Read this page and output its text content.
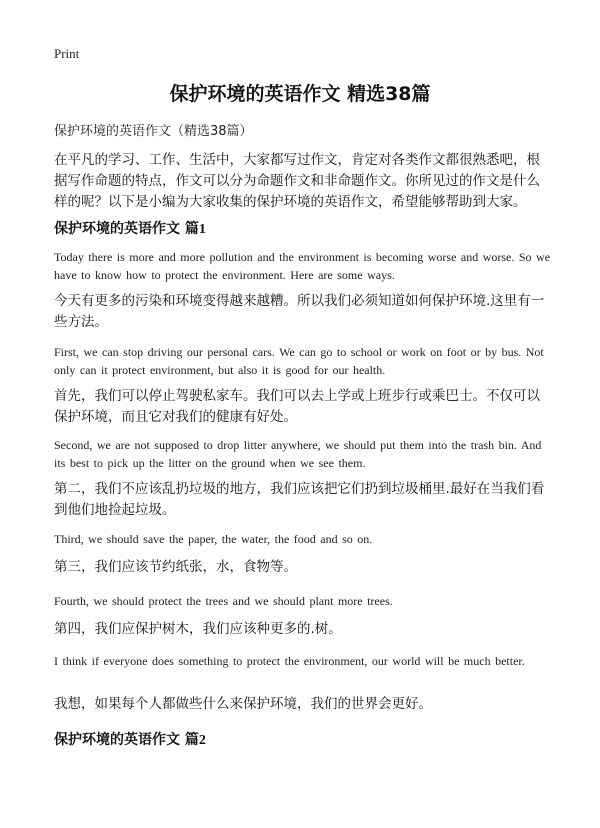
Print
保护环境的英语作文 精选38篇
保护环境的英语作文（精选38篇）
在平凡的学习、工作、生活中，大家都写过作文，肯定对各类作文都很熟悉吧，根据写作命题的特点，作文可以分为命题作文和非命题作文。你所见过的作文是什么样的呢？以下是小编为大家收集的保护环境的英语作文，希望能够帮助到大家。
保护环境的英语作文 篇1
Today there is more and more pollution and the environment is becoming worse and worse. So we have to know how to protect the environment. Here are some ways.
今天有更多的污染和环境变得越来越糟。所以我们必须知道如何保护环境.这里有一些方法。
First, we can stop driving our personal cars. We can go to school or work on foot or by bus. Not only can it protect environment, but also it is good for our health.
首先，我们可以停止驾驶私家车。我们可以去上学或上班步行或乘巴士。不仅可以保护环境，而且它对我们的健康有好处。
Second, we are not supposed to drop litter anywhere, we should put them into the trash bin. And its best to pick up the litter on the ground when we see them.
第二，我们不应该乱扔垃圾的地方，我们应该把它们扔到垃圾桶里.最好在当我们看到他们地捡起垃圾。
Third, we should save the paper, the water, the food and so on.
第三，我们应该节约纸张，水，食物等。
Fourth, we should protect the trees and we should plant more trees.
第四，我们应保护树木，我们应该种更多的.树。
I think if everyone does something to protect the environment, our world will be much better.
我想，如果每个人都做些什么来保护环境，我们的世界会更好。
保护环境的英语作文 篇2
